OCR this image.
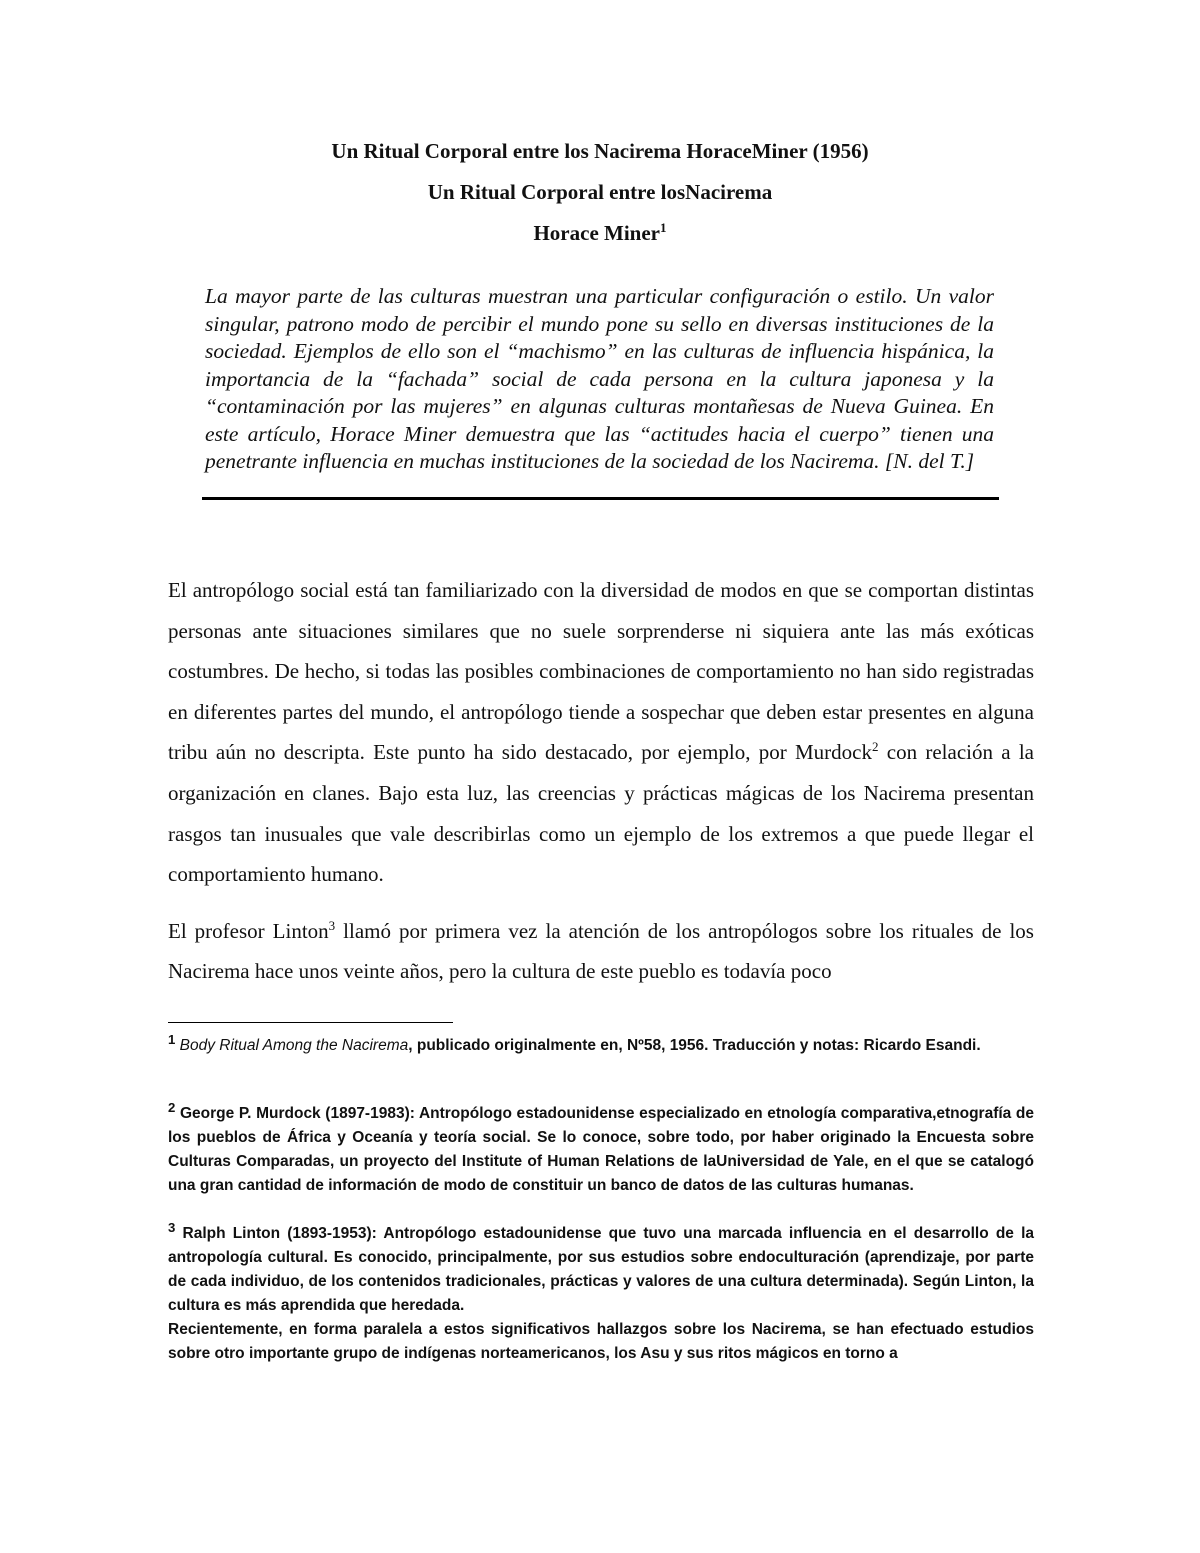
Un Ritual Corporal entre los Nacirema HoraceMiner (1956)
Un Ritual Corporal entre losNacirema
Horace Miner$^1$
La mayor parte de las culturas muestran una particular configuración o estilo. Un valor singular, patrono modo de percibir el mundo pone su sello en diversas instituciones de la sociedad. Ejemplos de ello son el “machismo” en las culturas de influencia hispánica, la importancia de la “fachada” social de cada persona en la cultura japonesa y la “contaminación por las mujeres” en algunas culturas montañesas de Nueva Guinea. En este artículo, Horace Miner demuestra que las “actitudes hacia el cuerpo” tienen una penetrante influencia en muchas instituciones de la sociedad de los Nacirema. [N. del T.]

El antropólogo social está tan familiarizado con la diversidad de modos en que se comportan distintas personas ante situaciones similares que no suele sorprenderse ni siquiera ante las más exóticas costumbres. De hecho, si todas las posibles combinaciones de comportamiento no han sido registradas en diferentes partes del mundo, el antropólogo tiende a sospechar que deben estar presentes en alguna tribu aún no descripta. Este punto ha sido destacado, por ejemplo, por Murdock$^2$ con relación a la organización en clanes. Bajo esta luz, las creencias y prácticas mágicas de los Nacirema presentan rasgos tan inusuales que vale describirlas como un ejemplo de los extremos a que puede llegar el comportamiento humano.

El profesor Linton$^3$ llamó por primera vez la atención de los antropólogos sobre los rituales de los Nacirema hace unos veinte años, pero la cultura de este pueblo es todavía poco

$^1$ Body Ritual Among the Nacirema, publicado originalmente en, Nº58, 1956. Traducción y notas: Ricardo Esandi.

$^2$ George P. Murdock (1897-1983): Antropólogo estadounidense especializado en etnología comparativa,etnografía de los pueblos de África y Oceanía y teoría social. Se lo conoce, sobre todo, por haber originado la Encuesta sobre Culturas Comparadas, un proyecto del Institute of Human Relations de laUniversidad de Yale, en el que se catalogó una gran cantidad de información de modo de constituir un banco de datos de las culturas humanas.

$^3$ Ralph Linton (1893-1953): Antropólogo estadounidense que tuvo una marcada influencia en el desarrollo de la antropología cultural. Es conocido, principalmente, por sus estudios sobre endoculturación (aprendizaje, por parte de cada individuo, de los contenidos tradicionales, prácticas y valores de una cultura determinada). Según Linton, la cultura es más aprendida que heredada.

Recientemente, en forma paralela a estos significativos hallazgos sobre los Nacirema, se han efectuado estudios sobre otro importante grupo de indígenas norteamericanos, los Asu y sus ritos mágicos en torno a
